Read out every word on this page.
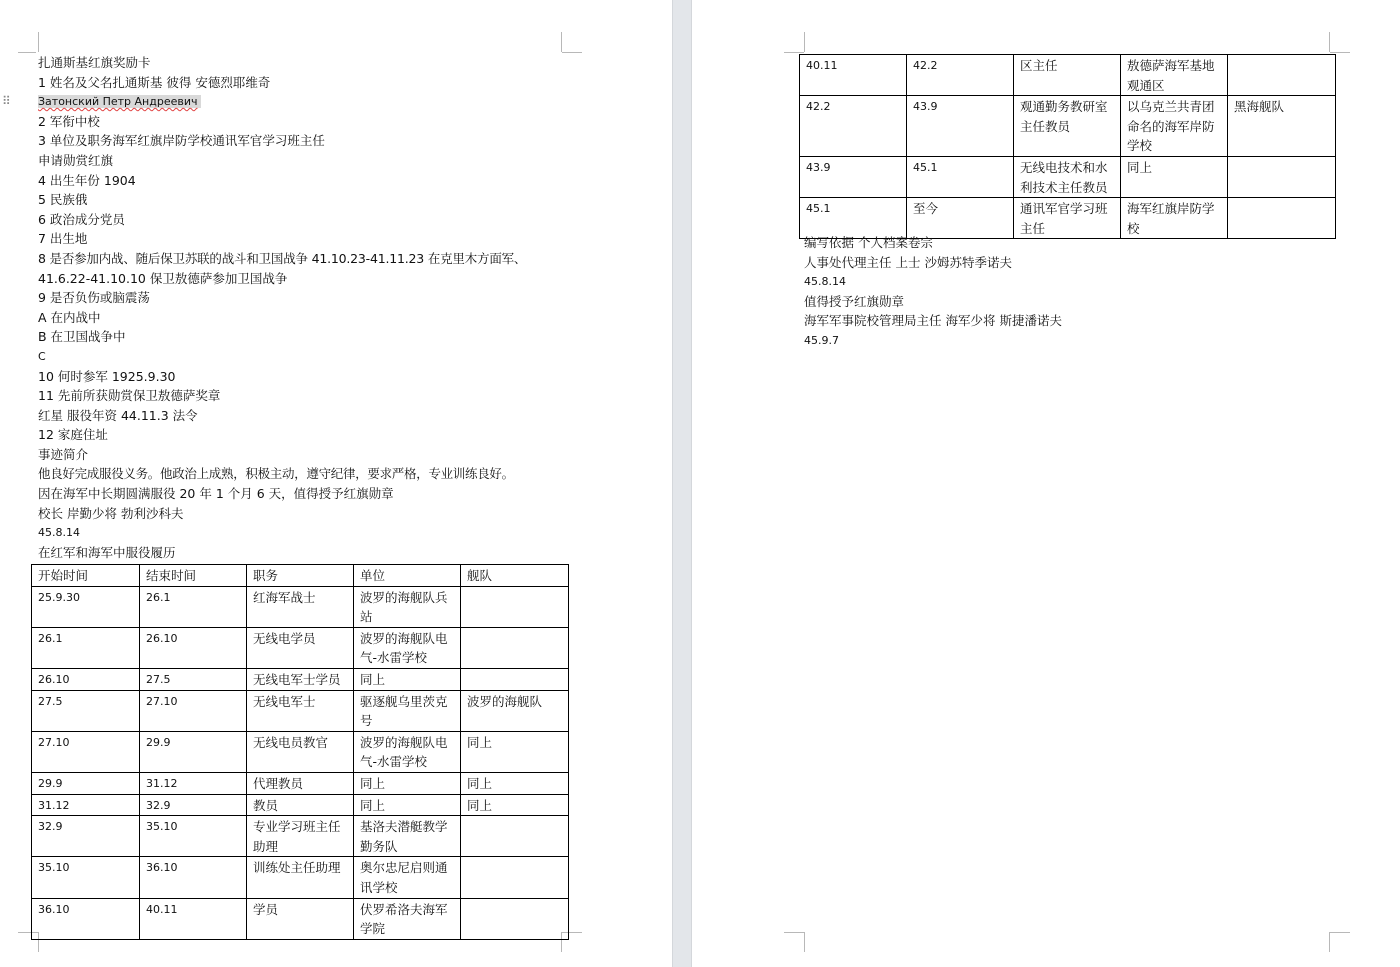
⠿
扎通斯基红旗奖励卡
1 姓名及父名扎通斯基 彼得 安德烈耶维奇
Затонский Петр Андреевич
2 军衔中校
3 单位及职务海军红旗岸防学校通讯军官学习班主任
申请勋赏红旗
4 出生年份 1904
5 民族俄
6 政治成分党员
7 出生地
8 是否参加内战、随后保卫苏联的战斗和卫国战争 41.10.23-41.11.23 在克里木方面军、
41.6.22-41.10.10 保卫敖德萨参加卫国战争
9 是否负伤或脑震荡
A 在内战中
B 在卫国战争中
C
10 何时参军 1925.9.30
11 先前所获勋赏保卫敖德萨奖章
红星 服役年资 44.11.3 法令
12 家庭住址
事迹简介
他良好完成服役义务。他政治上成熟，积极主动，遵守纪律，要求严格，专业训练良好。
因在海军中长期圆满服役 20 年 1 个月 6 天，值得授予红旗勋章
校长 岸勤少将 勃利沙科夫
45.8.14
在红军和海军中服役履历
开始时间	结束时间	职务	单位	舰队
25.9.30	26.1	红海军战士	波罗的海舰队兵站	
26.1	26.10	无线电学员	波罗的海舰队电气-水雷学校	
26.10	27.5	无线电军士学员	同上	
27.5	27.10	无线电军士	驱逐舰乌里茨克号	波罗的海舰队
27.10	29.9	无线电员教官	波罗的海舰队电气-水雷学校	同上
29.9	31.12	代理教员	同上	同上
31.12	32.9	教员	同上	同上
32.9	35.10	专业学习班主任助理	基洛夫潜艇教学勤务队	
35.10	36.10	训练处主任助理	奥尔忠尼启则通讯学校	
36.10	40.11	学员	伏罗希洛夫海军学院	
40.11	42.2	区主任	敖德萨海军基地观通区	
42.2	43.9	观通勤务教研室主任教员	以乌克兰共青团命名的海军岸防学校	黑海舰队
43.9	45.1	无线电技术和水利技术主任教员	同上	
45.1	至今	通讯军官学习班主任	海军红旗岸防学校	
编写依据 个人档案卷宗
人事处代理主任 上士 沙姆苏特季诺夫
45.8.14
值得授予红旗勋章
海军军事院校管理局主任 海军少将 斯捷潘诺夫
45.9.7
